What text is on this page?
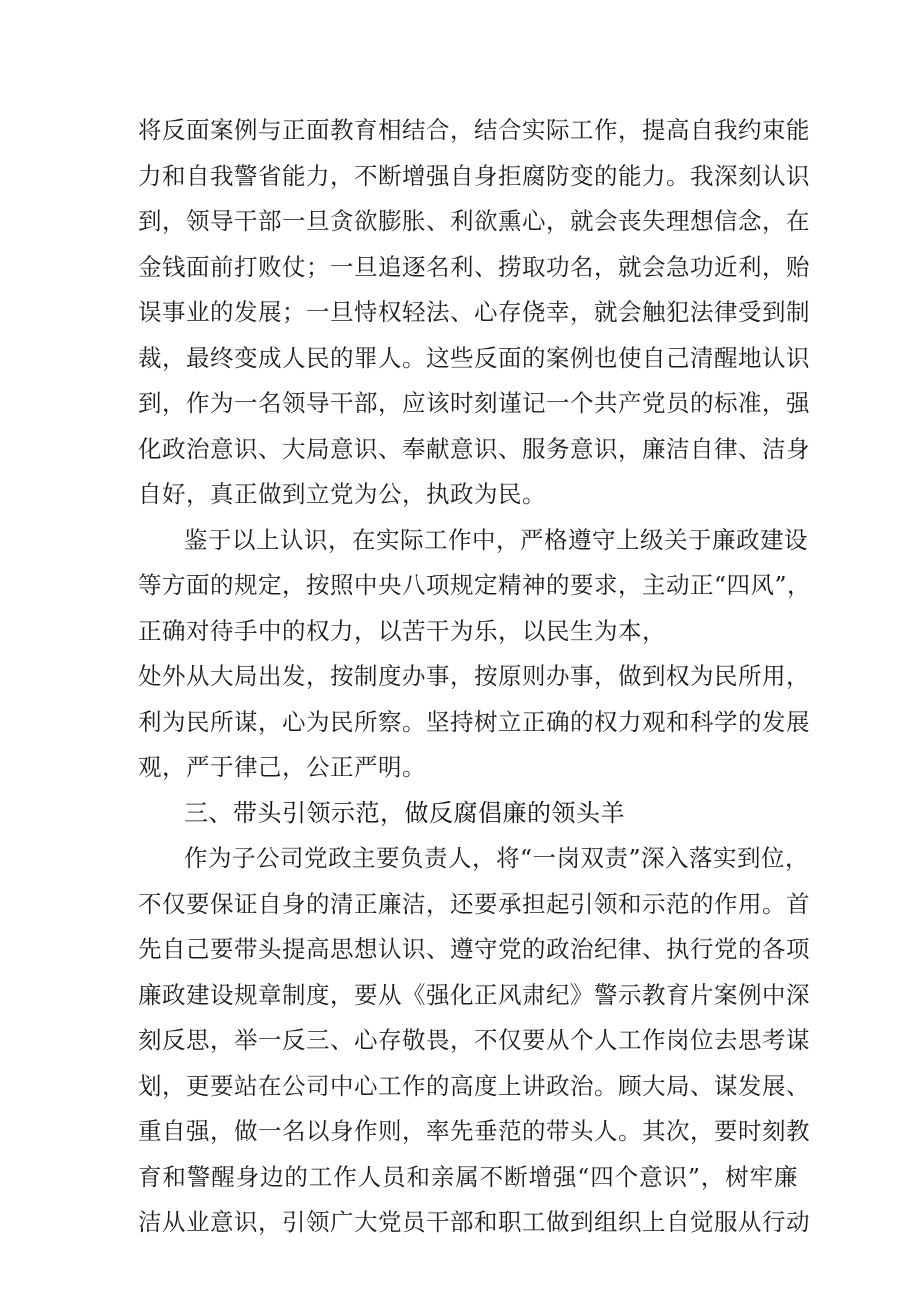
将反面案例与正面教育相结合，结合实际工作，提高自我约束能
力和自我警省能力，不断增强自身拒腐防变的能力。我深刻认识
到，领导干部一旦贪欲膨胀、利欲熏心，就会丧失理想信念，在
金钱面前打败仗；一旦追逐名利、捞取功名，就会急功近利，贻
误事业的发展；一旦恃权轻法、心存侥幸，就会触犯法律受到制
裁，最终变成人民的罪人。这些反面的案例也使自己清醒地认识
到，作为一名领导干部，应该时刻谨记一个共产党员的标准，强
化政治意识、大局意识、奉献意识、服务意识，廉洁自律、洁身
自好，真正做到立党为公，执政为民。
鉴于以上认识，在实际工作中，严格遵守上级关于廉政建设
等方面的规定，按照中央八项规定精神的要求，主动正“四风”，
正确对待手中的权力，以苦干为乐，以民生为本，
处外从大局出发，按制度办事，按原则办事，做到权为民所用，
利为民所谋，心为民所察。坚持树立正确的权力观和科学的发展
观，严于律己，公正严明。
三、带头引领示范，做反腐倡廉的领头羊
作为子公司党政主要负责人，将“一岗双责”深入落实到位，
不仅要保证自身的清正廉洁，还要承担起引领和示范的作用。首
先自己要带头提高思想认识、遵守党的政治纪律、执行党的各项
廉政建设规章制度，要从《强化正风肃纪》警示教育片案例中深
刻反思，举一反三、心存敬畏，不仅要从个人工作岗位去思考谋
划，更要站在公司中心工作的高度上讲政治。顾大局、谋发展、
重自强，做一名以身作则，率先垂范的带头人。其次，要时刻教
育和警醒身边的工作人员和亲属不断增强“四个意识”，树牢廉
洁从业意识，引领广大党员干部和职工做到组织上自觉服从行动
